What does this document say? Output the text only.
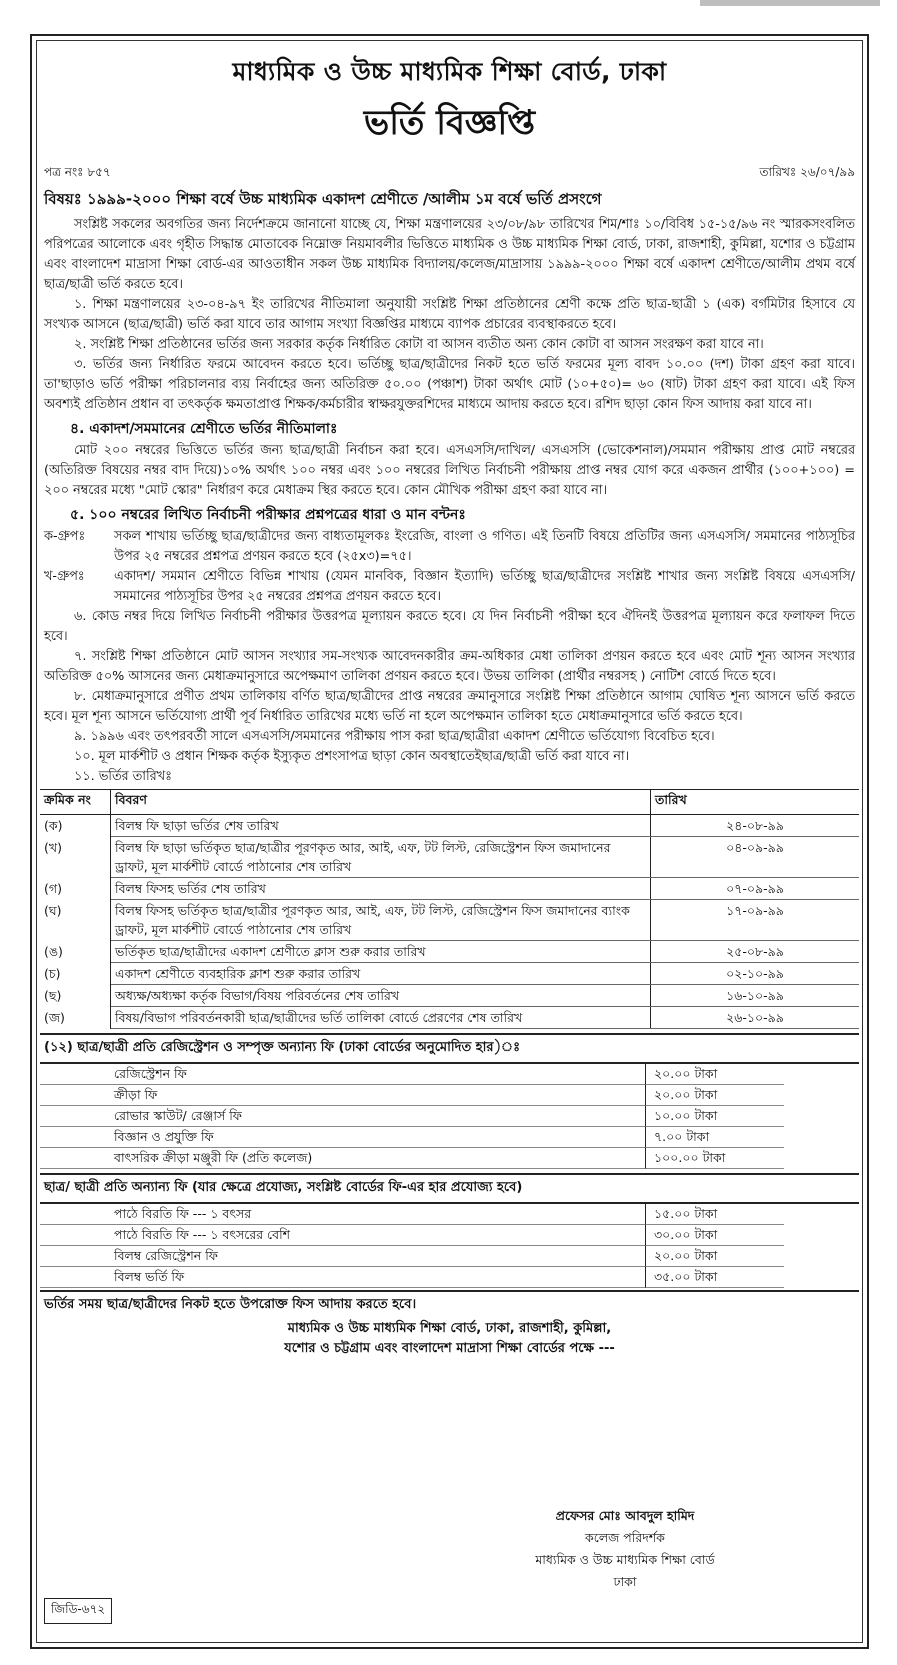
মাধ্যমিক ও উচ্চ মাধ্যমিক শিক্ষা বোর্ড, ঢাকা
ভর্তি বিজ্ঞপ্তি
পত্র নংঃ ৮৫৭	তারিখঃ ২৬/০৭/৯৯
বিষয়ঃ ১৯৯৯-২০০০ শিক্ষা বর্ষে উচ্চ মাধ্যমিক একাদশ শ্রেণীতে /আলীম ১ম বর্ষে ভর্তি প্রসংগে

সংশ্লিষ্ট সকলের অবগতির জন্য নির্দেশক্রমে জানানো যাচ্ছে যে, শিক্ষা মন্ত্রণালয়ের ২৩/০৮/৯৮ তারিখের শিম/শাঃ ১০/বিবিধ ১৫-১৫/৯৬ নং স্মারকসংবলিত পরিপত্রের আলোকে এবং গৃহীত সিদ্ধান্ত মোতাবেক নিম্নোক্ত নিয়মাবলীর ভিত্তিতে মাধ্যমিক ও উচ্চ মাধ্যমিক শিক্ষা বোর্ড, ঢাকা, রাজশাহী, কুমিল্লা, যশোর ও চট্টগ্রাম এবং বাংলাদেশ মাদ্রাসা শিক্ষা বোর্ড-এর আওতাধীন সকল উচ্চ মাধ্যমিক বিদ্যালয়/কলেজ/মাদ্রাসায় ১৯৯৯-২০০০ শিক্ষা বর্ষে একাদশ শ্রেণীতে/আলীম প্রথম বর্ষে ছাত্র/ছাত্রী ভর্তি করতে হবে।

১. শিক্ষা মন্ত্রণালয়ের ২৩-০৪-৯৭ ইং তারিখের নীতিমালা অনুযায়ী সংশ্লিষ্ট শিক্ষা প্রতিষ্ঠানের শ্রেণী কক্ষে প্রতি ছাত্র-ছাত্রী ১ (এক) বর্গমিটার হিসাবে যে সংখ্যক আসনে (ছাত্র/ছাত্রী) ভর্তি করা যাবে তার আগাম সংখ্যা বিজ্ঞপ্তির মাধ্যমে ব্যাপক প্রচারের ব্যবস্থাকরতে হবে।

২. সংশ্লিষ্ট শিক্ষা প্রতিষ্ঠানের ভর্তির জন্য সরকার কর্তৃক নির্ধারিত কোটা বা আসন ব্যতীত অন্য কোন কোটা বা আসন সংরক্ষণ করা যাবে না।

৩. ভর্তির জন্য নির্ধারিত ফরমে আবেদন করতে হবে। ভর্তিচ্ছু ছাত্র/ছাত্রীদের নিকট হতে ভর্তি ফরমের মূল্য বাবদ ১০.০০ (দশ) টাকা গ্রহণ করা যাবে। তা'ছাড়াও ভর্তি পরীক্ষা পরিচালনার ব্যয় নির্বাহের জন্য অতিরিক্ত ৫০.০০ (পঞ্চাশ) টাকা অর্থাৎ মোট (১০+৫০)= ৬০ (ষাট) টাকা গ্রহণ করা যাবে। এই ফিস অবশ্যই প্রতিষ্ঠান প্রধান বা তৎকর্তৃক ক্ষমতাপ্রাপ্ত শিক্ষক/কর্মচারীর স্বাক্ষরযুক্তরশিদের মাধ্যমে আদায় করতে হবে। রশিদ ছাড়া কোন ফিস আদায় করা যাবে না।

৪. একাদশ/সমমানের শ্রেণীতে ভর্তির নীতিমালাঃ

মোট ২০০ নম্বরের ভিত্তিতে ভর্তির জন্য ছাত্র/ছাত্রী নির্বাচন করা হবে। এসএসসি/দাখিল/ এসএসসি (ভোকেশনাল)/সমমান পরীক্ষায় প্রাপ্ত মোট নম্বরের (অতিরিক্ত বিষয়ের নম্বর বাদ দিয়ে)১০% অর্থাৎ ১০০ নম্বর এবং ১০০ নম্বরের লিখিত নির্বাচনী পরীক্ষায় প্রাপ্ত নম্বর যোগ করে একজন প্রার্থীর (১০০+১০০) = ২০০ নম্বরের মধ্যে "মোট স্কোর" নির্ধারণ করে মেধাক্রম স্থির করতে হবে। কোন মৌখিক পরীক্ষা গ্রহণ করা যাবে না।

৫. ১০০ নম্বরের লিখিত নির্বাচনী পরীক্ষার প্রশ্নপত্রের ধারা ও মান বন্টনঃ
ক-গ্রুপঃ	সকল শাখায় ভর্তিচ্ছু ছাত্র/ছাত্রীদের জন্য বাধ্যতামূলকঃ ইংরেজি, বাংলা ও গণিত। এই তিনটি বিষয়ে প্রতিটির জন্য এসএসসি/ সমমানের পাঠ্যসূচির উপর ২৫ নম্বরের প্রশ্নপত্র প্রণয়ন করতে হবে (২৫x৩)=৭৫।
খ-গ্রুপঃ	একাদশ/ সমমান শ্রেণীতে বিভিন্ন শাখায় (যেমন মানবিক, বিজ্ঞান ইত্যাদি) ভর্তিচ্ছু ছাত্র/ছাত্রীদের সংশ্লিষ্ট শাখার জন্য সংশ্লিষ্ট বিষয়ে এসএসসি/ সমমানের পাঠ্যসূচির উপর ২৫ নম্বরের প্রশ্নপত্র প্রণয়ন করতে হবে।

৬. কোড নম্বর দিয়ে লিখিত নির্বাচনী পরীক্ষার উত্তরপত্র মূল্যায়ন করতে হবে। যে দিন নির্বাচনী পরীক্ষা হবে ঐদিনই উত্তরপত্র মূল্যায়ন করে ফলাফল দিতে হবে।

৭. সংশ্লিষ্ট শিক্ষা প্রতিষ্ঠানে মোট আসন সংখ্যার সম-সংখ্যক আবেদনকারীর ক্রম-অধিকার মেধা তালিকা প্রণয়ন করতে হবে এবং মোট শূন্য আসন সংখ্যার অতিরিক্ত ৫০% আসনের জন্য মেধাক্রমানুসারে অপেক্ষমাণ তালিকা প্রণয়ন করতে হবে। উভয় তালিকা (প্রার্থীর নম্বরসহ ) নোটিশ বোর্ডে দিতে হবে।

৮. মেধাক্রমানুসারে প্রণীত প্রথম তালিকায় বর্ণিত ছাত্র/ছাত্রীদের প্রাপ্ত নম্বরের ক্রমানুসারে সংশ্লিষ্ট শিক্ষা প্রতিষ্ঠানে আগাম ঘোষিত শূন্য আসনে ভর্তি করতে হবে। মূল শূন্য আসনে ভর্তিযোগ্য প্রার্থী পূর্ব নির্ধারিত তারিখের মধ্যে ভর্তি না হলে অপেক্ষমান তালিকা হতে মেধাক্রমানুসারে ভর্তি করতে হবে।

৯. ১৯৯৬ এবং তৎপরবর্তী সালে এসএসসি/সমমানের পরীক্ষায় পাস করা ছাত্র/ছাত্রীরা একাদশ শ্রেণীতে ভর্তিযোগ্য বিবেচিত হবে।

১০. মূল মার্কশীট ও প্রধান শিক্ষক কর্তৃক ইস্যুকৃত প্রশংসাপত্র ছাড়া কোন অবস্থাতেইছাত্র/ছাত্রী ভর্তি করা যাবে না।

১১. ভর্তির তারিখঃ

ক্রমিক নং	বিবরণ	তারিখ
(ক)	বিলম্ব ফি ছাড়া ভর্তির শেষ তারিখ	২৪-০৮-৯৯
(খ)	বিলম্ব ফি ছাড়া ভর্তিকৃত ছাত্র/ছাত্রীর পূরণকৃত আর, আই, এফ, টট লিস্ট, রেজিস্ট্রেশন ফিস জমাদানের ড্রাফট, মূল মার্কশীট বোর্ডে পাঠানোর শেষ তারিখ	০৪-০৯-৯৯
(গ)	বিলম্ব ফিসহ ভর্তির শেষ তারিখ	০৭-০৯-৯৯
(ঘ)	বিলম্ব ফিসহ ভর্তিকৃত ছাত্র/ছাত্রীর পূরণকৃত আর, আই, এফ, টট লিস্ট, রেজিস্ট্রেশন ফিস জমাদানের ব্যাংক ড্রাফট, মূল মার্কশীট বোর্ডে পাঠানোর শেষ তারিখ	১৭-০৯-৯৯
(ঙ)	ভর্তিকৃত ছাত্র/ছাত্রীদের একাদশ শ্রেণীতে ক্লাস শুরু করার তারিখ	২৫-০৮-৯৯
(চ)	একাদশ শ্রেণীতে ব্যবহারিক ক্লাশ শুরু করার তারিখ	০২-১০-৯৯
(ছ)	অধ্যক্ষ/অধ্যক্ষা কর্তৃক বিভাগ/বিষয় পরিবর্তনের শেষ তারিখ	১৬-১০-৯৯
(জ)	বিষয়/বিভাগ পরিবর্তনকারী ছাত্র/ছাত্রীদের ভর্তি তালিকা বোর্ডে প্রেরণের শেষ তারিখ	২৬-১০-৯৯
(১২) ছাত্র/ছাত্রী প্রতি রেজিস্ট্রেশন ও সম্পৃক্ত অন্যান্য ফি (ঢাকা বোর্ডের অনুমোদিত হার)ঃ
রেজিস্ট্রেশন ফি	২০.০০ টাকা
ক্রীড়া ফি	২০.০০ টাকা
রোভার স্কাউট/ রেঞ্জার্স ফি	১০.০০ টাকা
বিজ্ঞান ও প্রযুক্তি ফি	৭.০০ টাকা
বাৎসরিক ক্রীড়া মঞ্জুরী ফি (প্রতি কলেজ)	১০০.০০ টাকা
ছাত্র/ ছাত্রী প্রতি অন্যান্য ফি (যার ক্ষেত্রে প্রযোজ্য, সংশ্লিষ্ট বোর্ডের ফি-এর হার প্রযোজ্য হবে)
পাঠে বিরতি ফি --- ১ বৎসর	১৫.০০ টাকা
পাঠে বিরতি ফি --- ১ বৎসরের বেশি	৩০.০০ টাকা
বিলম্ব রেজিস্ট্রেশন ফি	২০.০০ টাকা
বিলম্ব ভর্তি ফি	৩৫.০০ টাকা
ভর্তির সময় ছাত্র/ছাত্রীদের নিকট হতে উপরোক্ত ফিস আদায় করতে হবে।
মাধ্যমিক ও উচ্চ মাধ্যমিক শিক্ষা বোর্ড, ঢাকা, রাজশাহী, কুমিল্লা,
যশোর ও চট্টগ্রাম এবং বাংলাদেশ মাদ্রাসা শিক্ষা বোর্ডের পক্ষে ---
প্রফেসর মোঃ আবদুল হামিদ
কলেজ পরিদর্শক
মাধ্যমিক ও উচ্চ মাধ্যমিক শিক্ষা বোর্ড
ঢাকা
জিডি-৬৭২
